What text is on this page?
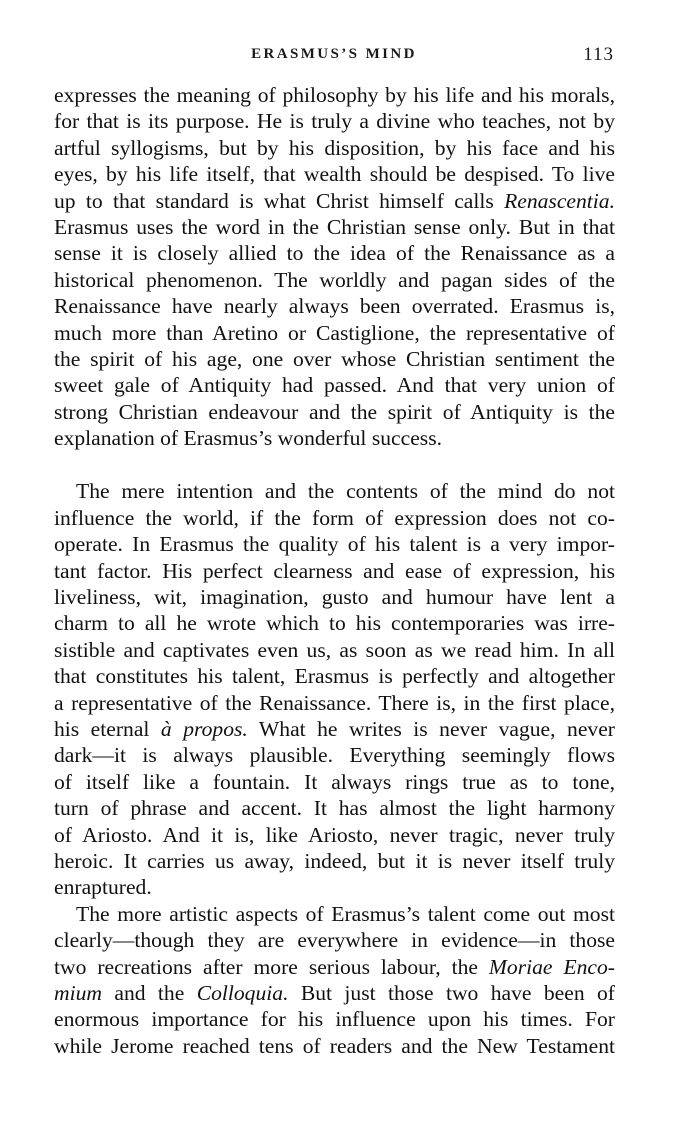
ERASMUS’S MIND	113
expresses the meaning of philosophy by his life and his morals,
for that is its purpose. He is truly a divine who teaches, not by
artful syllogisms, but by his disposition, by his face and his
eyes, by his life itself, that wealth should be despised. To live
up to that standard is what Christ himself calls Renascentia.
Erasmus uses the word in the Christian sense only. But in that
sense it is closely allied to the idea of the Renaissance as a
historical phenomenon. The worldly and pagan sides of the
Renaissance have nearly always been overrated. Erasmus is,
much more than Aretino or Castiglione, the representative of
the spirit of his age, one over whose Christian sentiment the
sweet gale of Antiquity had passed. And that very union of
strong Christian endeavour and the spirit of Antiquity is the
explanation of Erasmus’s wonderful success.
The mere intention and the contents of the mind do not
influence the world, if the form of expression does not co-
operate. In Erasmus the quality of his talent is a very impor-
tant factor. His perfect clearness and ease of expression, his
liveliness, wit, imagination, gusto and humour have lent a
charm to all he wrote which to his contemporaries was irre-
sistible and captivates even us, as soon as we read him. In all
that constitutes his talent, Erasmus is perfectly and altogether
a representative of the Renaissance. There is, in the first place,
his eternal à propos. What he writes is never vague, never
dark—it is always plausible. Everything seemingly flows
of itself like a fountain. It always rings true as to tone,
turn of phrase and accent. It has almost the light harmony
of Ariosto. And it is, like Ariosto, never tragic, never truly
heroic. It carries us away, indeed, but it is never itself truly
enraptured.
The more artistic aspects of Erasmus’s talent come out most
clearly—though they are everywhere in evidence—in those
two recreations after more serious labour, the Moriae Enco-
mium and the Colloquia. But just those two have been of
enormous importance for his influence upon his times. For
while Jerome reached tens of readers and the New Testament
